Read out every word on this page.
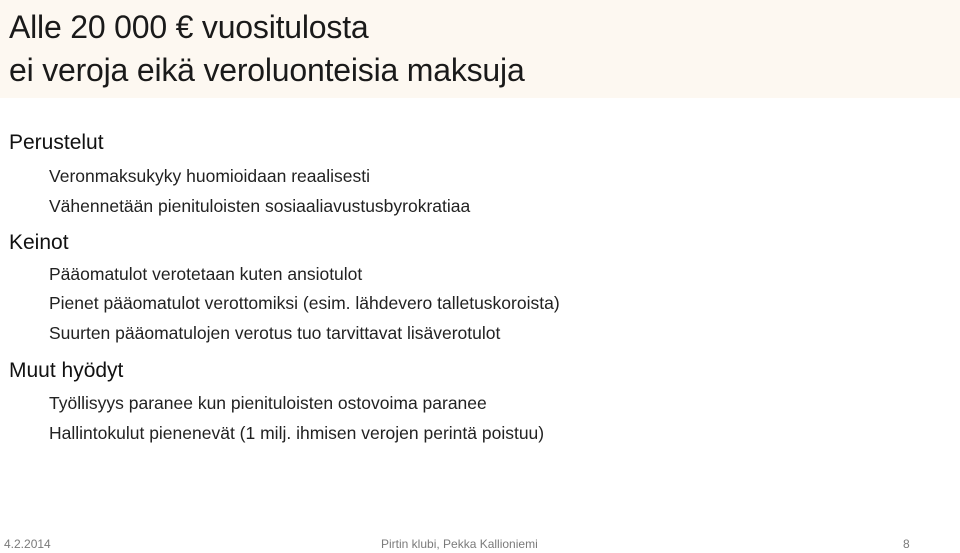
Alle 20 000 € vuositulosta
ei veroja eikä veroluonteisia maksuja
Perustelut
Veronmaksukyky huomioidaan reaalisesti
Vähennetään pienituloisten sosiaaliavustusbyrokratiaa
Keinot
Pääomatulot verotetaan kuten ansiotulot
Pienet pääomatulot verottomiksi (esim. lähdevero talletuskoroista)
Suurten pääomatulojen verotus tuo tarvittavat lisäverotulot
Muut hyödyt
Työllisyys paranee kun pienituloisten ostovoima paranee
Hallintokulut pienenevät (1 milj. ihmisen verojen perintä poistuu)
4.2.2014	Pirtin klubi, Pekka Kallioniemi	8
